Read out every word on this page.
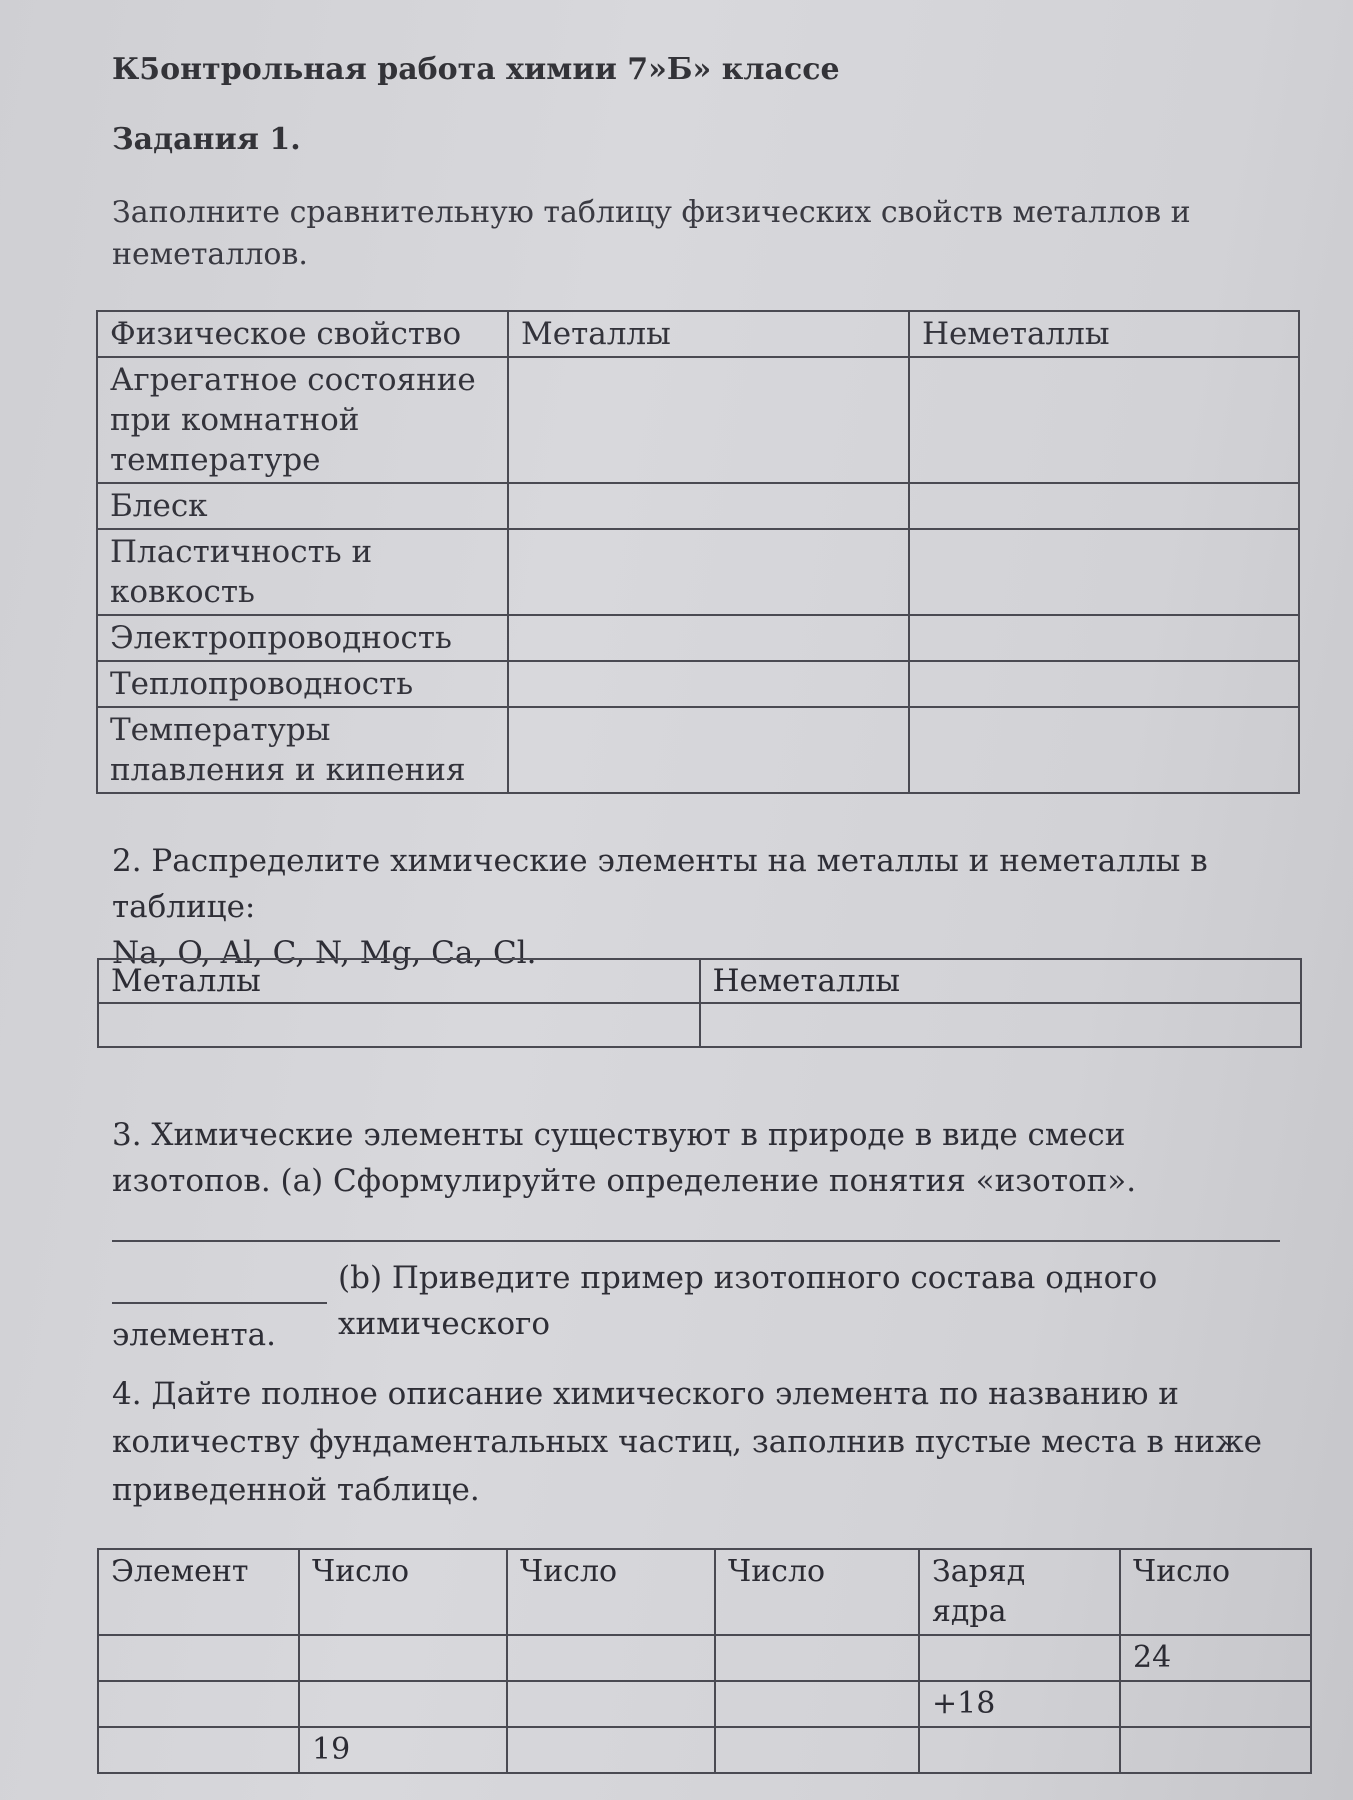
К5онтрольная работа химии 7»Б» классе
Задания 1.
Заполните сравнительную таблицу физических свойств металлов и неметаллов.
Физическое свойство	Металлы	Неметаллы
Агрегатное состояние при комнатной температуре		
Блеск		
Пластичность и ковкость		
Электропроводность		
Теплопроводность		
Температуры плавления и кипения		
2. Распределите химические элементы на металлы и неметаллы в таблице:
Na, O, Al, C, N, Mg, Ca, Cl.
Металлы	Неметаллы

3. Химические элементы существуют в природе в виде смеси изотопов. (a) Сформулируйте определение понятия «изотоп».
(b) Приведите пример изотопного состава одного химического
элемента.
4. Дайте полное описание химического элемента по названию и количеству фундаментальных частиц, заполнив пустые места в ниже приведенной таблице.
Элемент	Число	Число	Число	Заряд ядра	Число
					24
				+18	
	19				
